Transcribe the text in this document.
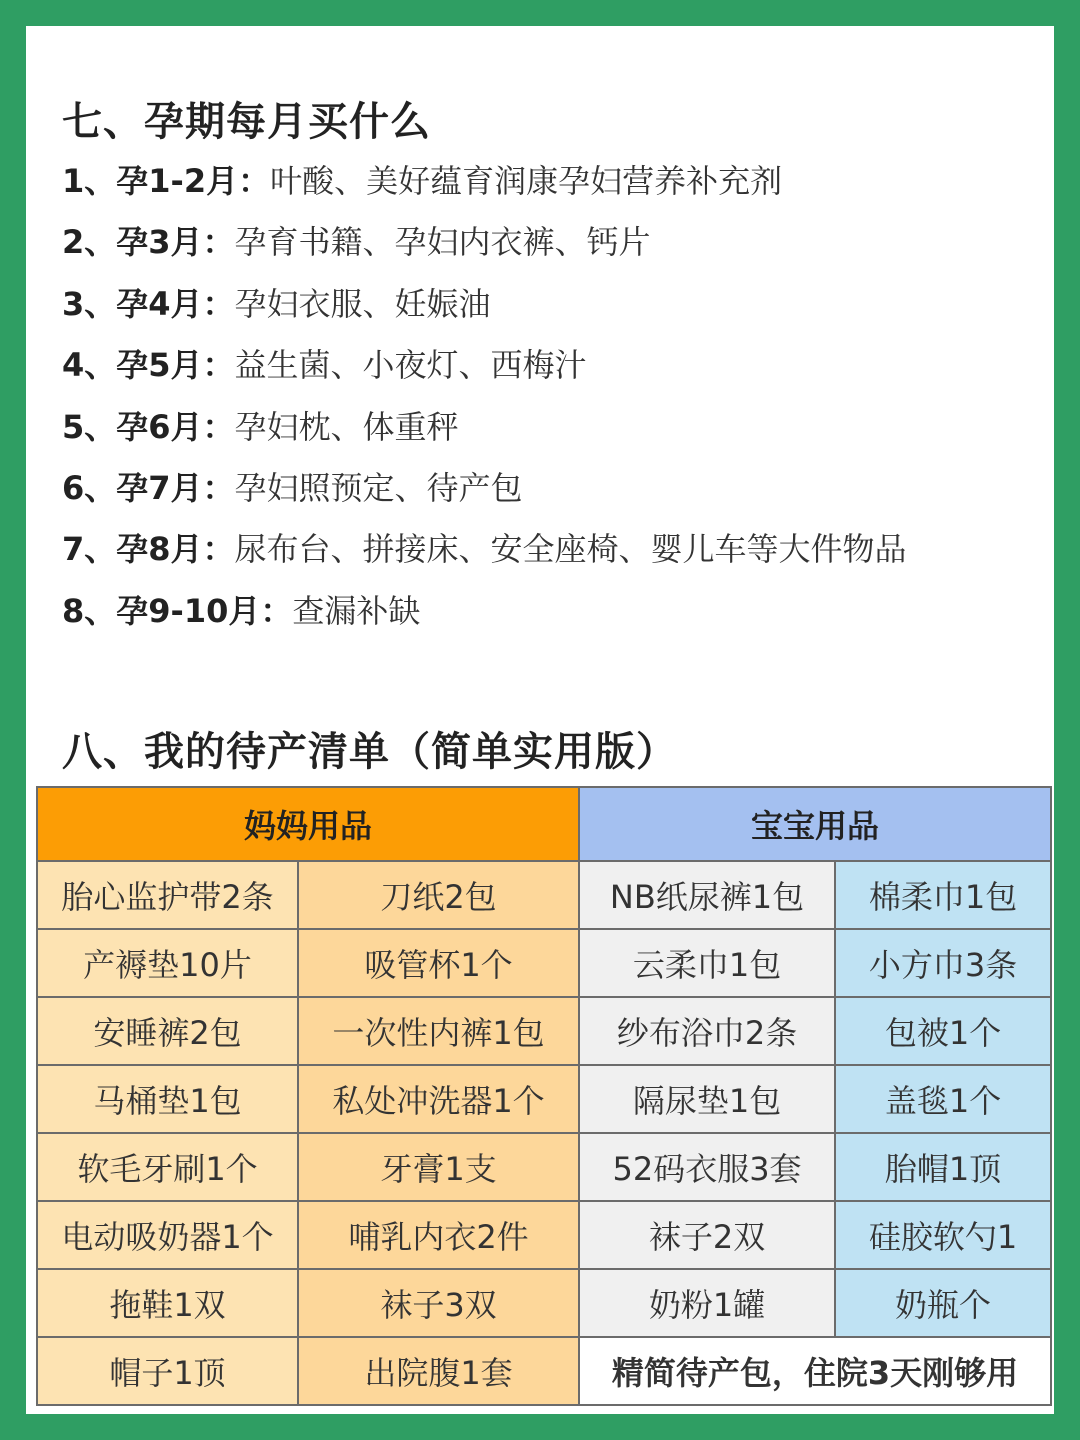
七、孕期每月买什么
1、孕1-2月：叶酸、美好蕴育润康孕妇营养补充剂
2、孕3月：孕育书籍、孕妇内衣裤、钙片
3、孕4月：孕妇衣服、妊娠油
4、孕5月：益生菌、小夜灯、西梅汁
5、孕6月：孕妇枕、体重秤
6、孕7月：孕妇照预定、待产包
7、孕8月：尿布台、拼接床、安全座椅、婴儿车等大件物品
8、孕9-10月：查漏补缺
八、我的待产清单（简单实用版）
妈妈用品		宝宝用品	
胎心监护带2条	刀纸2包	NB纸尿裤1包	棉柔巾1包
产褥垫10片	吸管杯1个	云柔巾1包	小方巾3条
安睡裤2包	一次性内裤1包	纱布浴巾2条	包被1个
马桶垫1包	私处冲洗器1个	隔尿垫1包	盖毯1个
软毛牙刷1个	牙膏1支	52码衣服3套	胎帽1顶
电动吸奶器1个	哺乳内衣2件	袜子2双	硅胶软勺1
拖鞋1双	袜子3双	奶粉1罐	奶瓶个
帽子1顶	出院腹1套	精简待产包，住院3天刚够用	
